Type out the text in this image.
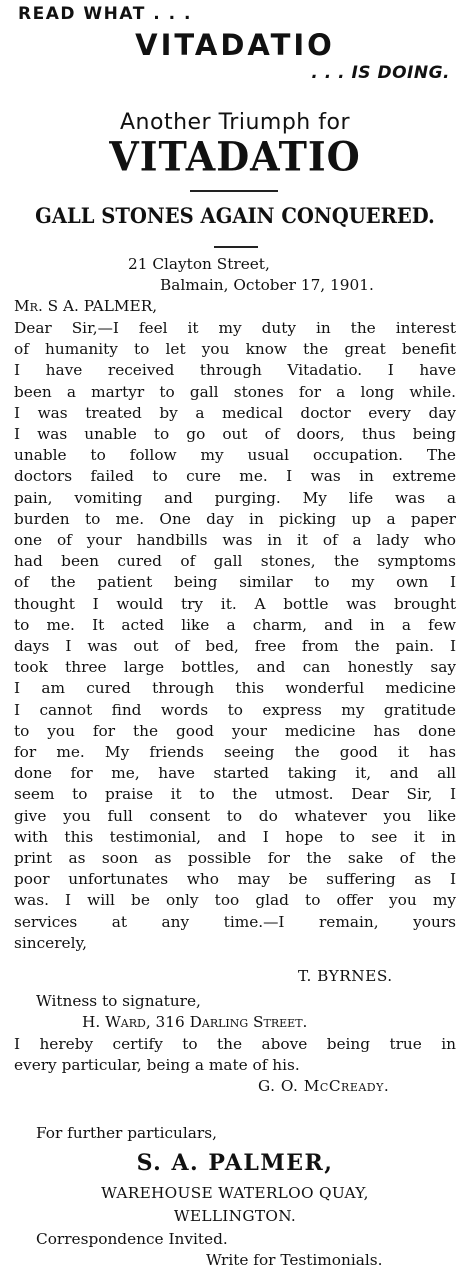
READ WHAT . . .
VITADATIO
. . . IS DOING.
Another Triumph for
VITADATIO
GALL STONES AGAIN CONQUERED.
21 Clayton Street,
Balmain, October 17, 1901.
Mr. S A. PALMER,
Dear Sir,—I feel it my duty in the interest
of humanity to let you know the great benefit
I have received through Vitadatio. I have
been a martyr to gall stones for a long while.
I was treated by a medical doctor every day
I was unable to go out of doors, thus being
unable to follow my usual occupation. The
doctors failed to cure me. I was in extreme
pain, vomiting and purging. My life was a
burden to me. One day in picking up a paper
one of your handbills was in it of a lady who
had been cured of gall stones, the symptoms
of the patient being similar to my own I
thought I would try it. A bottle was brought
to me. It acted like a charm, and in a few
days I was out of bed, free from the pain. I
took three large bottles, and can honestly say
I am cured through this wonderful medicine
I cannot find words to express my gratitude
to you for the good your medicine has done
for me. My friends seeing the good it has
done for me, have started taking it, and all
seem to praise it to the utmost. Dear Sir, I
give you full consent to do whatever you like
with this testimonial, and I hope to see it in
print as soon as possible for the sake of the
poor unfortunates who may be suffering as I
was. I will be only too glad to offer you my
services at any time.—I remain, yours
sincerely,
T. BYRNES.
Witness to signature,
H. Ward, 316 Darling Street.
I hereby certify to the above being true in
every particular, being a mate of his.
G. O. McCready.
For further particulars,
S. A. PALMER,
WAREHOUSE WATERLOO QUAY,
WELLINGTON.
Correspondence Invited.
Write for Testimonials.
